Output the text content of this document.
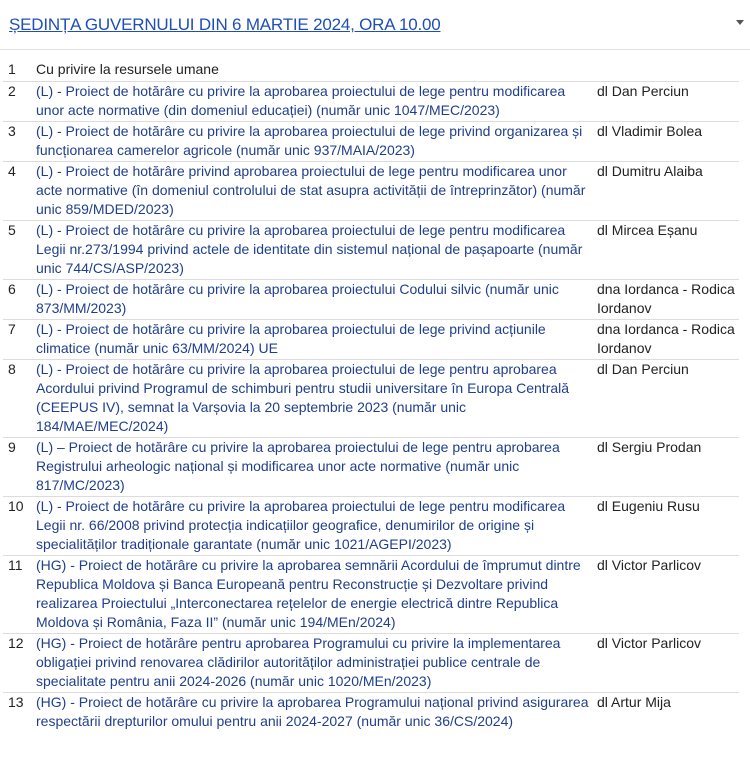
ȘEDINȚA GUVERNULUI DIN 6 MARTIE 2024, ORA 10.00
1	Cu privire la resursele umane	
2	(L) - Proiect de hotărâre cu privire la aprobarea proiectului de lege pentru modificarea unor acte normative (din domeniul educației) (număr unic 1047/MEC/2023)	dl Dan Perciun
3	(L) - Proiect de hotărâre cu privire la aprobarea proiectului de lege privind organizarea și funcționarea camerelor agricole (număr unic 937/MAIA/2023)	dl Vladimir Bolea
4	(L) - Proiect de hotărâre privind aprobarea proiectului de lege pentru modificarea unor acte normative (în domeniul controlului de stat asupra activității de întreprinzător) (număr unic 859/MDED/2023)	dl Dumitru Alaiba
5	(L) - Proiect de hotărâre cu privire la aprobarea proiectului de lege pentru modificarea Legii nr.273/1994 privind actele de identitate din sistemul național de pașapoarte (număr unic 744/CS/ASP/2023)	dl Mircea Eșanu
6	(L) - Proiect de hotărâre cu privire la aprobarea proiectului Codului silvic (număr unic 873/MM/2023)	dna Iordanca - Rodica Iordanov
7	(L) - Proiect de hotărâre cu privire la aprobarea proiectului de lege privind acțiunile climatice (număr unic 63/MM/2024) UE	dna Iordanca - Rodica Iordanov
8	(L) - Proiect de hotărâre cu privire la aprobarea proiectului de lege pentru aprobarea Acordului privind Programul de schimburi pentru studii universitare în Europa Centrală (CEEPUS IV), semnat la Varșovia la 20 septembrie 2023 (număr unic 184/MAE/MEC/2024)	dl Dan Perciun
9	(L) – Proiect de hotărâre cu privire la aprobarea proiectului de lege pentru aprobarea Registrului arheologic național și modificarea unor acte normative (număr unic 817/MC/2023)	dl Sergiu Prodan
10	(L) - Proiect de hotărâre cu privire la aprobarea proiectului de lege pentru modificarea Legii nr. 66/2008 privind protecția indicațiilor geografice, denumirilor de origine și specialităților tradiționale garantate (număr unic 1021/AGEPI/2023)	dl Eugeniu Rusu
11	(HG) - Proiect de hotărâre cu privire la aprobarea semnării Acordului de împrumut dintre Republica Moldova și Banca Europeană pentru Reconstrucție și Dezvoltare privind realizarea Proiectului „Interconectarea rețelelor de energie electrică dintre Republica Moldova și România, Faza II” (număr unic 194/MEn/2024)	dl Victor Parlicov
12	(HG) - Proiect de hotărâre pentru aprobarea Programului cu privire la implementarea obligației privind renovarea clădirilor autorităților administrației publice centrale de specialitate pentru anii 2024-2026 (număr unic 1020/MEn/2023)	dl Victor Parlicov
13	(HG) - Proiect de hotărâre cu privire la aprobarea Programului național privind asigurarea respectării drepturilor omului pentru anii 2024-2027 (număr unic 36/CS/2024)	dl Artur Mija
